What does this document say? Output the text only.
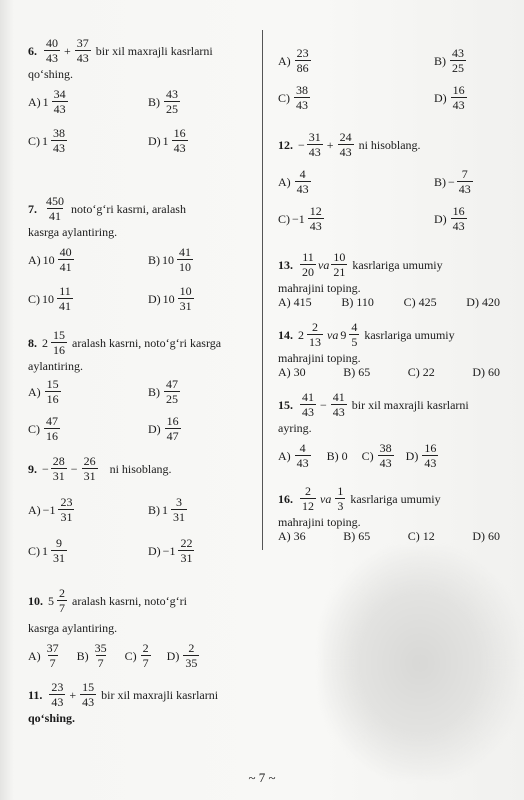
6. $\frac{40}{43} + \frac{37}{43}$ bir xil maxrajli kasrlarni
qo‘shing.
A) $1 \frac{34}{43}$	$B) \frac{43}{25}$
C) $1 \frac{38}{43}$	D) $1 \frac{16}{43}$
7. $\frac{450}{41}$ noto‘g‘ri kasrni, aralash
kasrga aylantiring.
A) $10 \frac{40}{41}$	B) $10 \frac{41}{10}$
C) $10 \frac{11}{41}$	D) $10 \frac{10}{31}$
8. $2 \frac{15}{16}$ aralash kasrni, noto‘g‘ri kasrga
aylantiring.
$A) \frac{15}{16}$	$B) \frac{47}{25}$
$C) \frac{47}{16}$	$D) \frac{16}{47}$
9. − $\frac{28}{31} - \frac{26}{31}$ ni hisoblang.
$A) -1 \frac{23}{31}$	B) $1 \frac{3}{31}$
C) $1 \frac{9}{31}$	$D) -1 \frac{22}{31}$
10. $5 \frac{2}{7}$ aralash kasrni, noto‘g‘ri
kasrga aylantiring.
$A) \frac{37}{7} B) \frac{35}{7} C) \frac{2}{7} D) \frac{2}{35}$
11. $\frac{23}{43} + \frac{15}{43}$ bir xil maxrajli kasrlarni
qo‘shing.
$A) \frac{23}{86}$	$B) \frac{43}{25}$
$C) \frac{38}{43}$	$D) \frac{16}{43}$
12. − $\frac{31}{43} + \frac{24}{43}$ ni hisoblang.
$A) \frac{4}{43}$	$B) - \frac{7}{43}$
$C) -1 \frac{12}{43}$	$D) \frac{16}{43}$
13. $\frac{11}{20}$ va $\frac{10}{21}$ kasrlariga umumiy
mahrajini toping.
A) 415 B) 110 C) 425 D) 420
14. $2 \frac{2}{13}$ va $9 \frac{4}{5}$ kasrlariga umumiy
mahrajini toping.
A) 30	B) 65	C) 22	D) 60
15. $\frac{41}{43} - \frac{41}{43}$ bir xil maxrajli kasrlarni
ayring.
$A) \frac{4}{43} B$) 0 $C) \frac{38}{43} D) \frac{16}{43}$
16. $\frac{2}{12}$ va $\frac{1}{3}$ kasrlariga umumiy
mahrajini toping.
A) 36	B) 65	C) 12	D) 60
~ 7 ~
